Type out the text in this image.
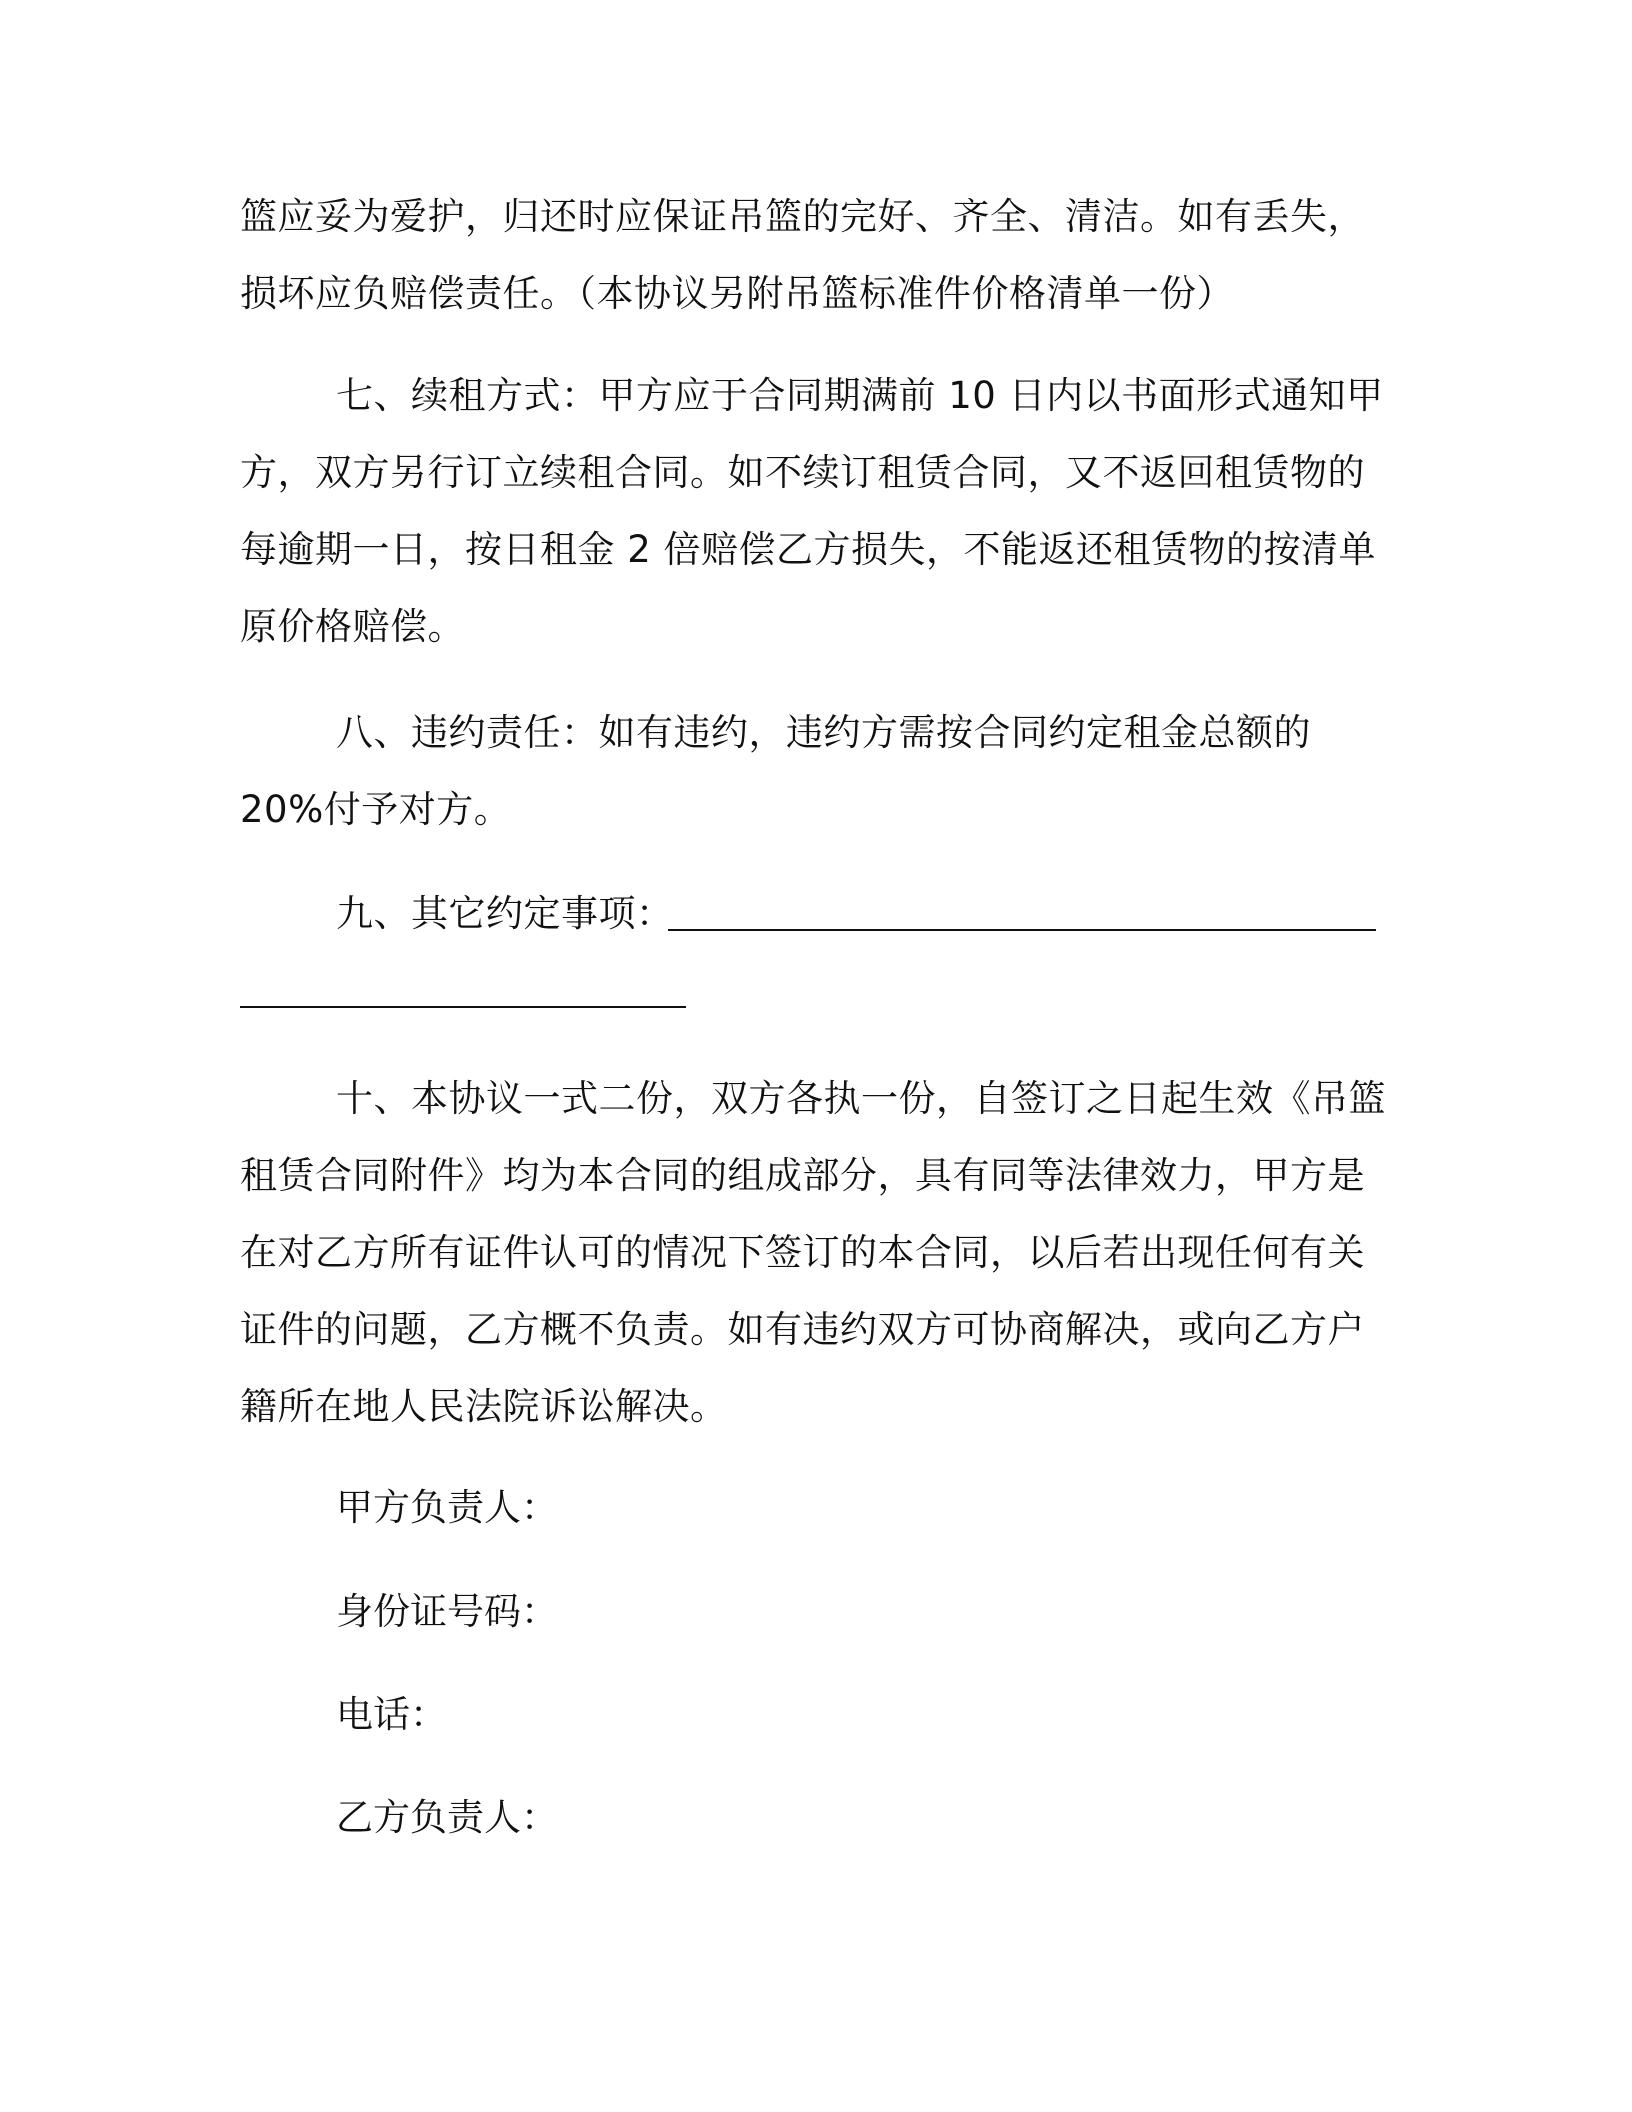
篮应妥为爱护，归还时应保证吊篮的完好、齐全、清洁。如有丢失，损坏应负赔偿责任。（本协议另附吊篮标准件价格清单一份）

七、续租方式：甲方应于合同期满前 10 日内以书面形式通知甲方，双方另行订立续租合同。如不续订租赁合同，又不返回租赁物的每逾期一日，按日租金 2 倍赔偿乙方损失，不能返还租赁物的按清单原价格赔偿。

八、违约责任：如有违约，违约方需按合同约定租金总额的 20%付予对方。

九、其它约定事项：

十、本协议一式二份，双方各执一份，自签订之日起生效《吊篮租赁合同附件》均为本合同的组成部分，具有同等法律效力，甲方是在对乙方所有证件认可的情况下签订的本合同，以后若出现任何有关证件的问题，乙方概不负责。如有违约双方可协商解决，或向乙方户籍所在地人民法院诉讼解决。

甲方负责人：

身份证号码：

电话：

乙方负责人：
